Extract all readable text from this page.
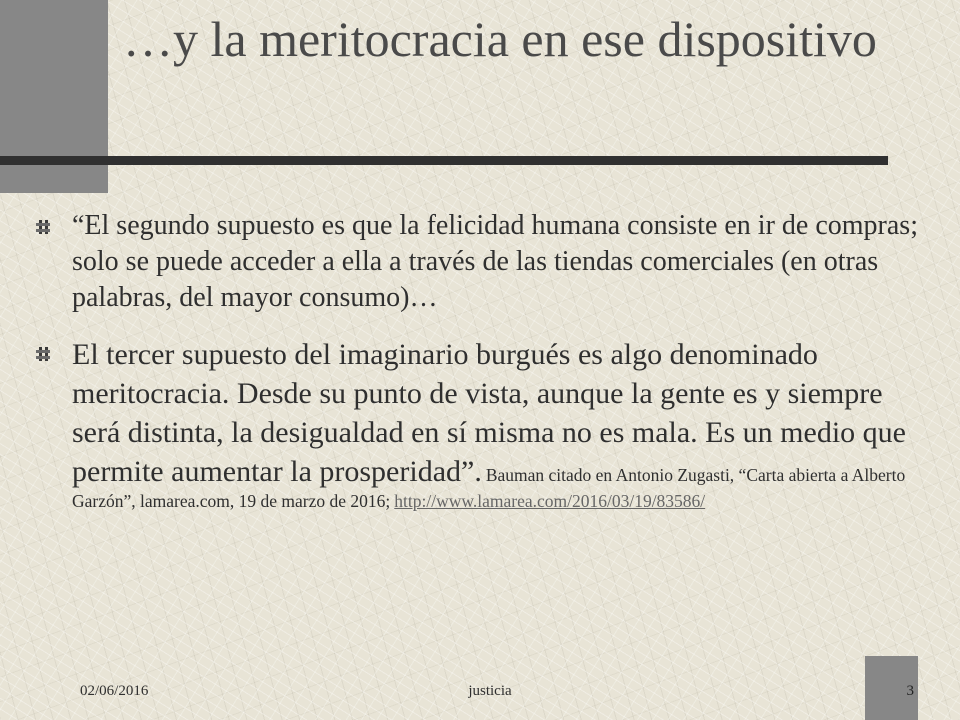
…y la meritocracia en ese dispositivo
“El segundo supuesto es que la felicidad humana consiste en ir de compras; solo se puede acceder a ella a través de las tiendas comerciales (en otras palabras, del mayor consumo)…
El tercer supuesto del imaginario burgués es algo denominado meritocracia. Desde su punto de vista, aunque la gente es y siempre será distinta, la desigualdad en sí misma no es mala. Es un medio que permite aumentar la prosperidad”. Bauman citado en Antonio Zugasti, “Carta abierta a Alberto Garzón”, lamarea.com, 19 de marzo de 2016; http://www.lamarea.com/2016/03/19/83586/
02/06/2016	justicia	3
